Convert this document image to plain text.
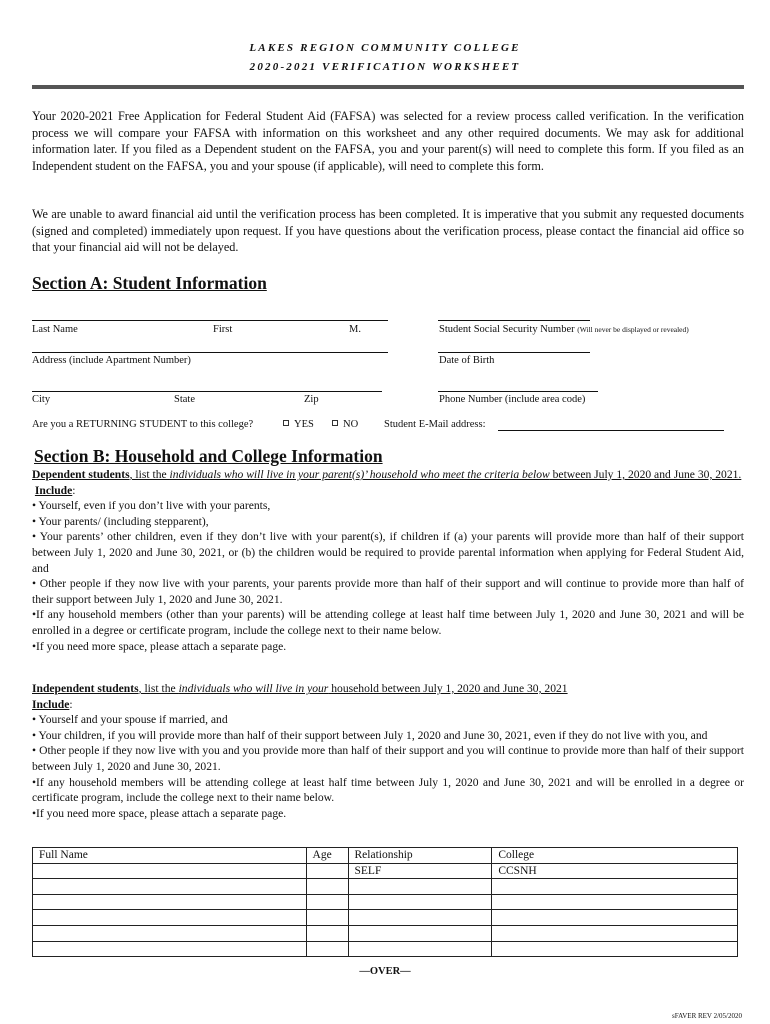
LAKES REGION COMMUNITY COLLEGE
2020-2021 VERIFICATION WORKSHEET
Your 2020-2021 Free Application for Federal Student Aid (FAFSA) was selected for a review process called verification. In the verification process we will compare your FAFSA with information on this worksheet and any other required documents. We may ask for additional information later. If you filed as a Dependent student on the FAFSA, you and your parent(s) will need to complete this form. If you filed as an Independent student on the FAFSA, you and your spouse (if applicable), will need to complete this form.
We are unable to award financial aid until the verification process has been completed. It is imperative that you submit any requested documents (signed and completed) immediately upon request. If you have questions about the verification process, please contact the financial aid office so that your financial aid will not be delayed.
Section A: Student Information
Last Name	First	M.	Student Social Security Number (Will never be displayed or revealed)
Address (include Apartment Number)	Date of Birth
City	State	Zip	Phone Number (include area code)
Are you a RETURNING STUDENT to this college?	YES	NO Student E-Mail address:
Section B: Household and College Information

Dependent students, list the individuals who will live in your parent(s)’ household who meet the criteria below between July 1, 2020 and June 30, 2021.

Include:

• Yourself, even if you don’t live with your parents,

• Your parents/ (including stepparent),

• Your parents’ other children, even if they don’t live with your parent(s), if children if (a) your parents will provide more than half of their support between July 1, 2020 and June 30, 2021, or (b) the children would be required to provide parental information when applying for Federal Student Aid, and

• Other people if they now live with your parents, your parents provide more than half of their support and will continue to provide more than half of their support between July 1, 2020 and June 30, 2021.

•If any household members (other than your parents) will be attending college at least half time between July 1, 2020 and June 30, 2021 and will be enrolled in a degree or certificate program, include the college next to their name below.

•If you need more space, please attach a separate page.

Independent students, list the individuals who will live in your household between July 1, 2020 and June 30, 2021

Include:

• Yourself and your spouse if married, and

• Your children, if you will provide more than half of their support between July 1, 2020 and June 30, 2021, even if they do not live with you, and

• Other people if they now live with you and you provide more than half of their support and you will continue to provide more than half of their support between July 1, 2020 and June 30, 2021.

•If any household members will be attending college at least half time between July 1, 2020 and June 30, 2021 and will be enrolled in a degree or certificate program, include the college next to their name below.

•If you need more space, please attach a separate page.

Full Name	Age	Relationship	College
		SELF	CCSNH

—OVER—
sFAVER REV 2/05/2020
